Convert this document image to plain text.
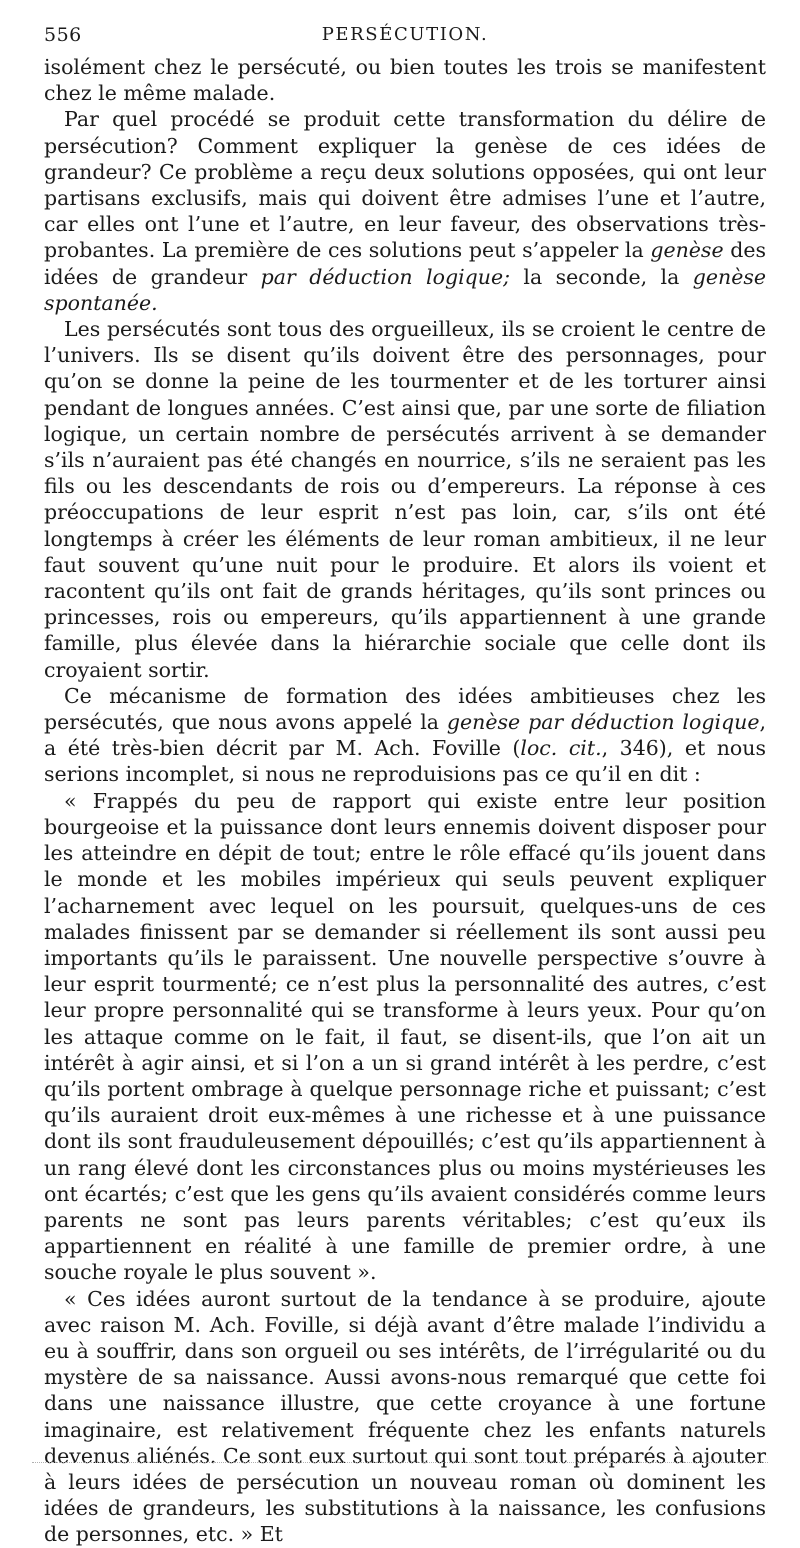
556	PERSÉCUTION.

isolément chez le persécuté, ou bien toutes les trois se manifestent chez le même malade.

Par quel procédé se produit cette transformation du délire de persécution? Comment expliquer la genèse de ces idées de grandeur? Ce problème a reçu deux solutions opposées, qui ont leur partisans exclusifs, mais qui doivent être admises l’une et l’autre, car elles ont l’une et l’autre, en leur faveur, des observations très-probantes. La première de ces solutions peut s’appeler la genèse des idées de grandeur par déduction logique; la seconde, la genèse spontanée.

Les persécutés sont tous des orgueilleux, ils se croient le centre de l’univers. Ils se disent qu’ils doivent être des personnages, pour qu’on se donne la peine de les tourmenter et de les torturer ainsi pendant de longues années. C’est ainsi que, par une sorte de filiation logique, un certain nombre de persécutés arrivent à se demander s’ils n’auraient pas été changés en nourrice, s’ils ne seraient pas les fils ou les descendants de rois ou d’empereurs. La réponse à ces préoccupations de leur esprit n’est pas loin, car, s’ils ont été longtemps à créer les éléments de leur roman ambitieux, il ne leur faut souvent qu’une nuit pour le produire. Et alors ils voient et racontent qu’ils ont fait de grands héritages, qu’ils sont princes ou princesses, rois ou empereurs, qu’ils appartiennent à une grande famille, plus élevée dans la hiérarchie sociale que celle dont ils croyaient sortir.

Ce mécanisme de formation des idées ambitieuses chez les persécutés, que nous avons appelé la genèse par déduction logique, a été très-bien décrit par M. Ach. Foville (loc. cit., 346), et nous serions incomplet, si nous ne reproduisions pas ce qu’il en dit :

« Frappés du peu de rapport qui existe entre leur position bourgeoise et la puissance dont leurs ennemis doivent disposer pour les atteindre en dépit de tout; entre le rôle effacé qu’ils jouent dans le monde et les mobiles impérieux qui seuls peuvent expliquer l’acharnement avec lequel on les poursuit, quelques-uns de ces malades finissent par se demander si réellement ils sont aussi peu importants qu’ils le paraissent. Une nouvelle perspective s’ouvre à leur esprit tourmenté; ce n’est plus la personnalité des autres, c’est leur propre personnalité qui se transforme à leurs yeux. Pour qu’on les attaque comme on le fait, il faut, se disent-ils, que l’on ait un intérêt à agir ainsi, et si l’on a un si grand intérêt à les perdre, c’est qu’ils portent ombrage à quelque personnage riche et puissant; c’est qu’ils auraient droit eux-mêmes à une richesse et à une puissance dont ils sont frauduleusement dépouillés; c’est qu’ils appartiennent à un rang élevé dont les circonstances plus ou moins mystérieuses les ont écartés; c’est que les gens qu’ils avaient considérés comme leurs parents ne sont pas leurs parents véritables; c’est qu’eux ils appartiennent en réalité à une famille de premier ordre, à une souche royale le plus souvent ».

« Ces idées auront surtout de la tendance à se produire, ajoute avec raison M. Ach. Foville, si déjà avant d’être malade l’individu a eu à souffrir, dans son orgueil ou ses intérêts, de l’irrégularité ou du mystère de sa naissance. Aussi avons-nous remarqué que cette foi dans une naissance illustre, que cette croyance à une fortune imaginaire, est relativement fréquente chez les enfants naturels devenus aliénés. Ce sont eux surtout qui sont tout préparés à ajouter à leurs idées de persécution un nouveau roman où dominent les idées de grandeurs, les substitutions à la naissance, les confusions de personnes, etc. » Et
